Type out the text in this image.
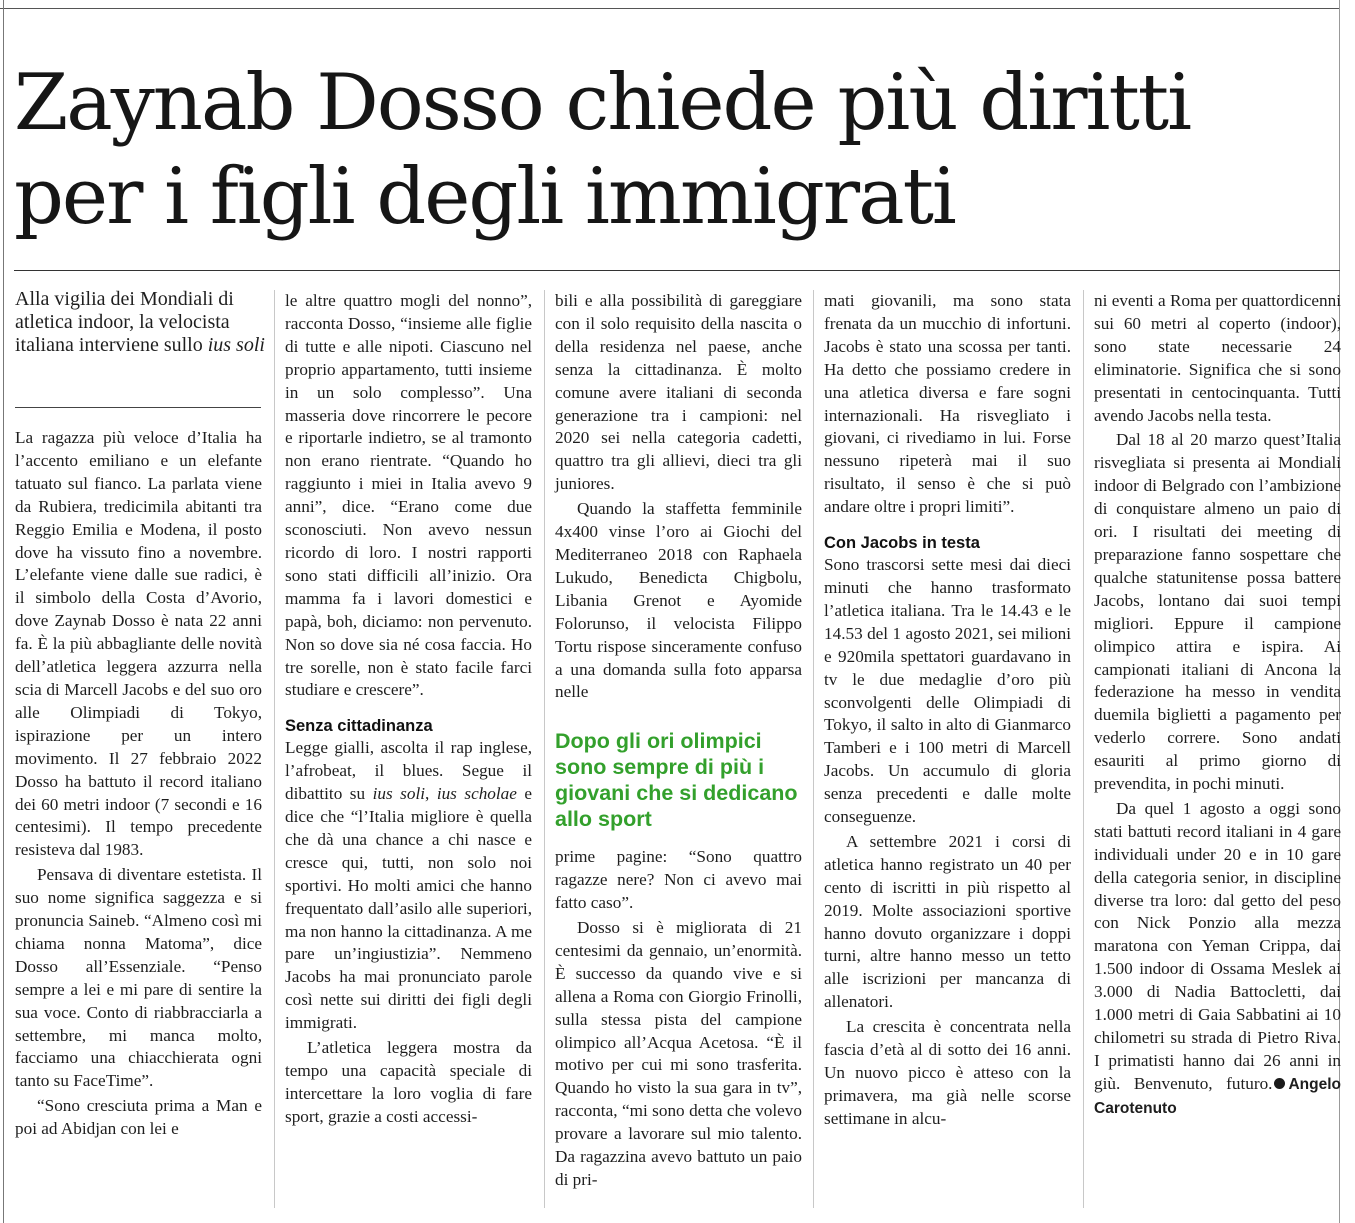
Zaynab Dosso chiede più diritti
per i figli degli immigrati
Alla vigilia dei Mondiali di atletica indoor, la velocista italiana interviene sullo ius soli

La ragazza più veloce d’Italia ha l’accento emiliano e un elefante tatuato sul fianco. La parlata viene da Rubiera, tredicimila abitanti tra Reggio Emilia e Modena, il posto dove ha vissuto fino a novembre. L’elefante viene dalle sue radici, è il simbolo della Costa d’Avorio, dove Zaynab Dosso è nata 22 anni fa. È la più abbagliante delle novità dell’atletica leggera azzurra nella scia di Marcell Jacobs e del suo oro alle Olimpiadi di Tokyo, ispirazione per un intero movimento. Il 27 febbraio 2022 Dosso ha battuto il record italiano dei 60 metri indoor (7 secondi e 16 centesimi). Il tempo precedente resisteva dal 1983.

Pensava di diventare estetista. Il suo nome significa saggezza e si pronuncia Saineb. “Almeno così mi chiama nonna Matoma”, dice Dosso all’Essenziale. “Penso sempre a lei e mi pare di sentire la sua voce. Conto di riabbracciarla a settembre, mi manca molto, facciamo una chiacchierata ogni tanto su FaceTime”.

“Sono cresciuta prima a Man e poi ad Abidjan con lei e

le altre quattro mogli del nonno”, racconta Dosso, “insieme alle figlie di tutte e alle nipoti. Ciascuno nel proprio appartamento, tutti insieme in un solo complesso”. Una masseria dove rincorrere le pecore e riportarle indietro, se al tramonto non erano rientrate. “Quando ho raggiunto i miei in Italia avevo 9 anni”, dice. “Erano come due sconosciuti. Non avevo nessun ricordo di loro. I nostri rapporti sono stati difficili all’inizio. Ora mamma fa i lavori domestici e papà, boh, diciamo: non pervenuto. Non so dove sia né cosa faccia. Ho tre sorelle, non è stato facile farci studiare e crescere”.

Senza cittadinanza

Legge gialli, ascolta il rap inglese, l’afrobeat, il blues. Segue il dibattito su ius soli, ius scholae e dice che “l’Italia migliore è quella che dà una chance a chi nasce e cresce qui, tutti, non solo noi sportivi. Ho molti amici che hanno frequentato dall’asilo alle superiori, ma non hanno la cittadinanza. A me pare un’ingiustizia”. Nemmeno Jacobs ha mai pronunciato parole così nette sui diritti dei figli degli immigrati.

L’atletica leggera mostra da tempo una capacità speciale di intercettare la loro voglia di fare sport, grazie a costi accessi-

bili e alla possibilità di gareggiare con il solo requisito della nascita o della residenza nel paese, anche senza la cittadinanza. È molto comune avere italiani di seconda generazione tra i campioni: nel 2020 sei nella categoria cadetti, quattro tra gli allievi, dieci tra gli juniores.

Quando la staffetta femminile 4x400 vinse l’oro ai Giochi del Mediterraneo 2018 con Raphaela Lukudo, Benedicta Chigbolu, Libania Grenot e Ayomide Folorunso, il velocista Filippo Tortu rispose sinceramente confuso a una domanda sulla foto apparsa nelle

Dopo gli ori olimpici sono sempre di più i giovani che si dedicano allo sport

prime pagine: “Sono quattro ragazze nere? Non ci avevo mai fatto caso”.

Dosso si è migliorata di 21 centesimi da gennaio, un’enormità. È successo da quando vive e si allena a Roma con Giorgio Frinolli, sulla stessa pista del campione olimpico all’Acqua Acetosa. “È il motivo per cui mi sono trasferita. Quando ho visto la sua gara in tv”, racconta, “mi sono detta che volevo provare a lavorare sul mio talento. Da ragazzina avevo battuto un paio di pri-

mati giovanili, ma sono stata frenata da un mucchio di infortuni. Jacobs è stato una scossa per tanti. Ha detto che possiamo credere in una atletica diversa e fare sogni internazionali. Ha risvegliato i giovani, ci rivediamo in lui. Forse nessuno ripeterà mai il suo risultato, il senso è che si può andare oltre i propri limiti”.

Con Jacobs in testa

Sono trascorsi sette mesi dai dieci minuti che hanno trasformato l’atletica italiana. Tra le 14.43 e le 14.53 del 1 agosto 2021, sei milioni e 920mila spettatori guardavano in tv le due medaglie d’oro più sconvolgenti delle Olimpiadi di Tokyo, il salto in alto di Gianmarco Tamberi e i 100 metri di Marcell Jacobs. Un accumulo di gloria senza precedenti e dalle molte conseguenze.

A settembre 2021 i corsi di atletica hanno registrato un 40 per cento di iscritti in più rispetto al 2019. Molte associazioni sportive hanno dovuto organizzare i doppi turni, altre hanno messo un tetto alle iscrizioni per mancanza di allenatori.

La crescita è concentrata nella fascia d’età al di sotto dei 16 anni. Un nuovo picco è atteso con la primavera, ma già nelle scorse settimane in alcu-

ni eventi a Roma per quattordicenni sui 60 metri al coperto (indoor), sono state necessarie 24 eliminatorie. Significa che si sono presentati in centocinquanta. Tutti avendo Jacobs nella testa.

Dal 18 al 20 marzo quest’Italia risvegliata si presenta ai Mondiali indoor di Belgrado con l’ambizione di conquistare almeno un paio di ori. I risultati dei meeting di preparazione fanno sospettare che qualche statunitense possa battere Jacobs, lontano dai suoi tempi migliori. Eppure il campione olimpico attira e ispira. Ai campionati italiani di Ancona la federazione ha messo in vendita duemila biglietti a pagamento per vederlo correre. Sono andati esauriti al primo giorno di prevendita, in pochi minuti.

Da quel 1 agosto a oggi sono stati battuti record italiani in 4 gare individuali under 20 e in 10 gare della categoria senior, in discipline diverse tra loro: dal getto del peso con Nick Ponzio alla mezza maratona con Yeman Crippa, dai 1.500 indoor di Ossama Meslek ai 3.000 di Nadia Battocletti, dai 1.000 metri di Gaia Sabbatini ai 10 chilometri su strada di Pietro Riva. I primatisti hanno dai 26 anni in giù. Benvenuto, futuro. Angelo Carotenuto
